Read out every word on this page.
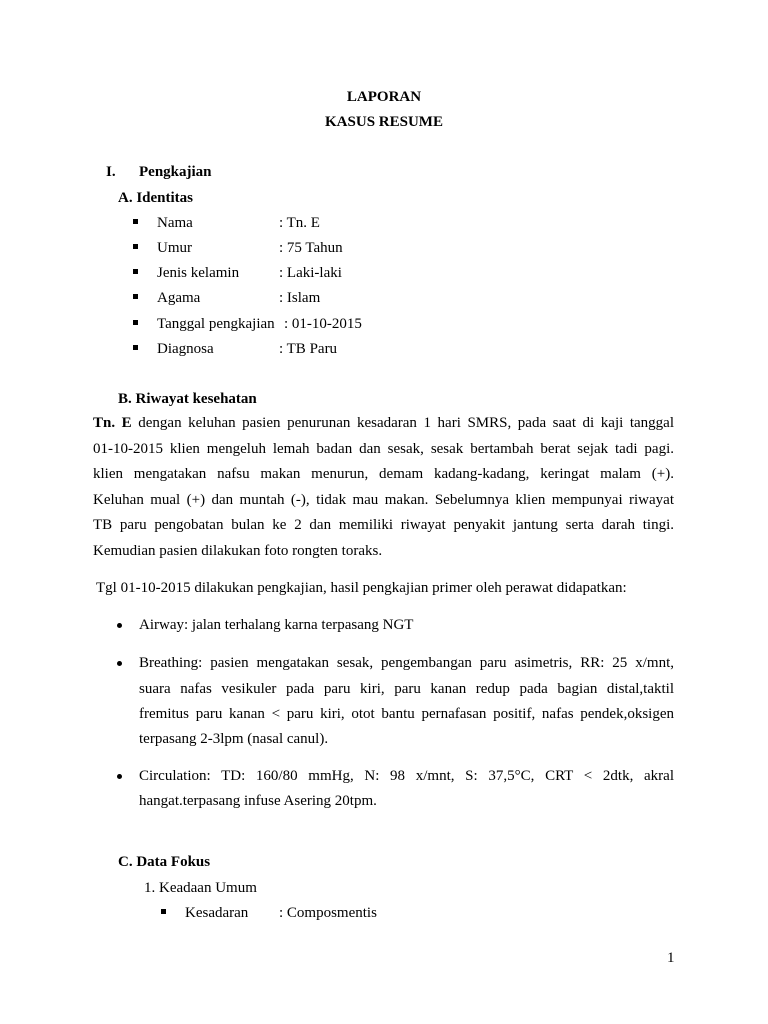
LAPORAN
KASUS RESUME
I. Pengkajian
A. Identitas
Nama	: Tn. E
Umur	: 75 Tahun
Jenis kelamin	: Laki-laki
Agama	: Islam
Tanggal pengkajian : 01-10-2015
Diagnosa	: TB Paru
B. Riwayat kesehatan
Tn. E dengan keluhan pasien penurunan kesadaran 1 hari SMRS, pada saat di kaji tanggal
01-10-2015 klien mengeluh lemah badan dan sesak, sesak bertambah berat sejak tadi pagi.
klien mengatakan nafsu makan menurun, demam kadang-kadang, keringat malam (+).
Keluhan mual (+) dan muntah (-), tidak mau makan. Sebelumnya klien mempunyai riwayat
TB paru pengobatan bulan ke 2 dan memiliki riwayat penyakit jantung serta darah tingi.
Kemudian pasien dilakukan foto rongten toraks.
Tgl 01-10-2015 dilakukan pengkajian, hasil pengkajian primer oleh perawat didapatkan:
Airway: jalan terhalang karna terpasang NGT
Breathing: pasien mengatakan sesak, pengembangan paru asimetris, RR: 25 x/mnt,
suara nafas vesikuler pada paru kiri, paru kanan redup pada bagian distal,taktil
fremitus paru kanan < paru kiri, otot bantu pernafasan positif, nafas pendek,oksigen
terpasang 2-3lpm (nasal canul).
Circulation: TD: 160/80 mmHg, N: 98 x/mnt, S: 37,5°C, CRT < 2dtk, akral
hangat.terpasang infuse Asering 20tpm.
C. Data Fokus
1. Keadaan Umum
Kesadaran : Composmentis
1
